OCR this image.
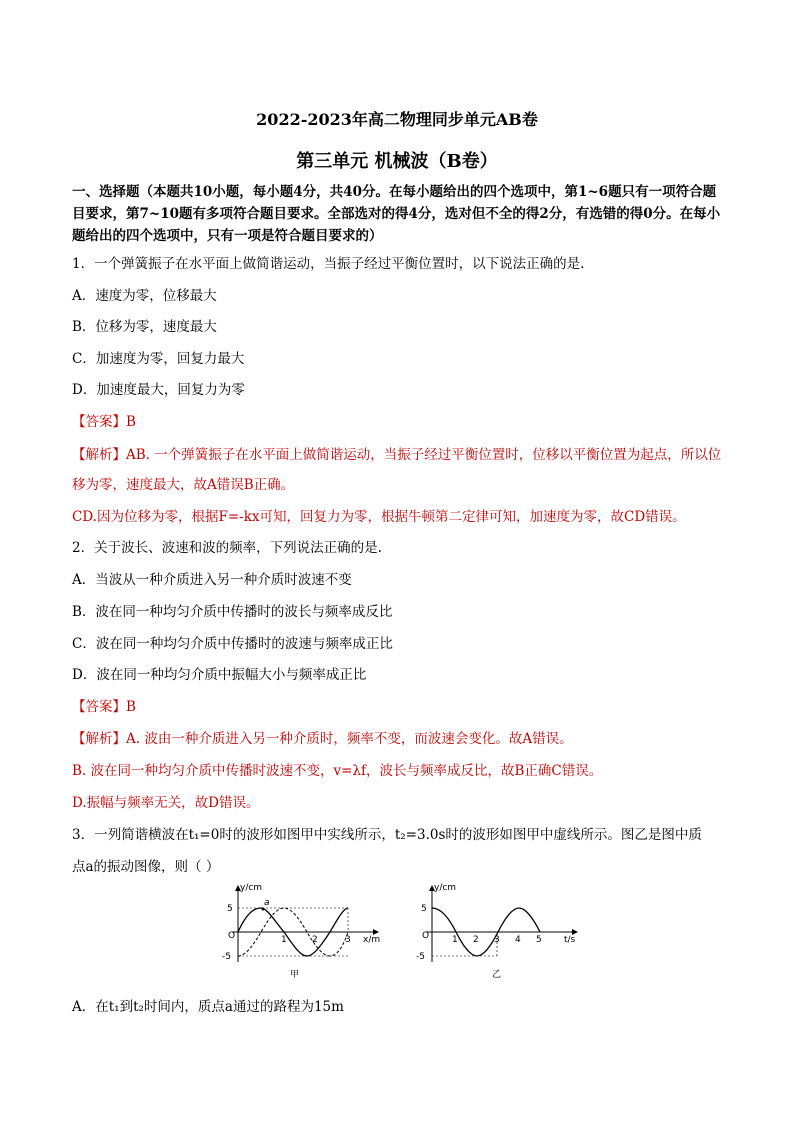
2022-2023年高二物理同步单元AB卷
第三单元 机械波（B卷）
一、选择题（本题共10小题，每小题4分，共40分。在每小题给出的四个选项中，第1~6题只有一项符合题目要求，第7~10题有多项符合题目要求。全部选对的得4分，选对但不全的得2分，有选错的得0分。在每小题给出的四个选项中，只有一项是符合题目要求的）
1．一个弹簧振子在水平面上做简谐运动，当振子经过平衡位置时，以下说法正确的是.
A．速度为零，位移最大
B．位移为零，速度最大
C．加速度为零，回复力最大
D．加速度最大，回复力为零
【答案】B
【解析】AB. 一个弹簧振子在水平面上做简谐运动，当振子经过平衡位置时，位移以平衡位置为起点，所以位移为零，速度最大，故A错误B正确。
CD.因为位移为零，根据F=-kx可知，回复力为零，根据牛顿第二定律可知，加速度为零，故CD错误。
2．关于波长、波速和波的频率，下列说法正确的是.
A．当波从一种介质进入另一种介质时波速不变
B．波在同一种均匀介质中传播时的波长与频率成反比
C．波在同一种均匀介质中传播时的波速与频率成正比
D．波在同一种均匀介质中振幅大小与频率成正比
【答案】B
【解析】A. 波由一种介质进入另一种介质时，频率不变，而波速会变化。故A错误。
B. 波在同一种均匀介质中传播时波速不变，v=λf，波长与频率成反比，故B正确C错误。
D.振幅与频率无关，故D错误。
3．一列简谐横波在t₁=0时的波形如图甲中实线所示，t₂=3.0s时的波形如图甲中虚线所示。图乙是图中质
点a的振动图像，则（ ）
y/cm
x/m
5
-5
O	1	2	3
a
甲
y/cm
t/s
5
-5
O	1 2 3 4 5
乙
A．在t₁到t₂时间内，质点a通过的路程为15m
